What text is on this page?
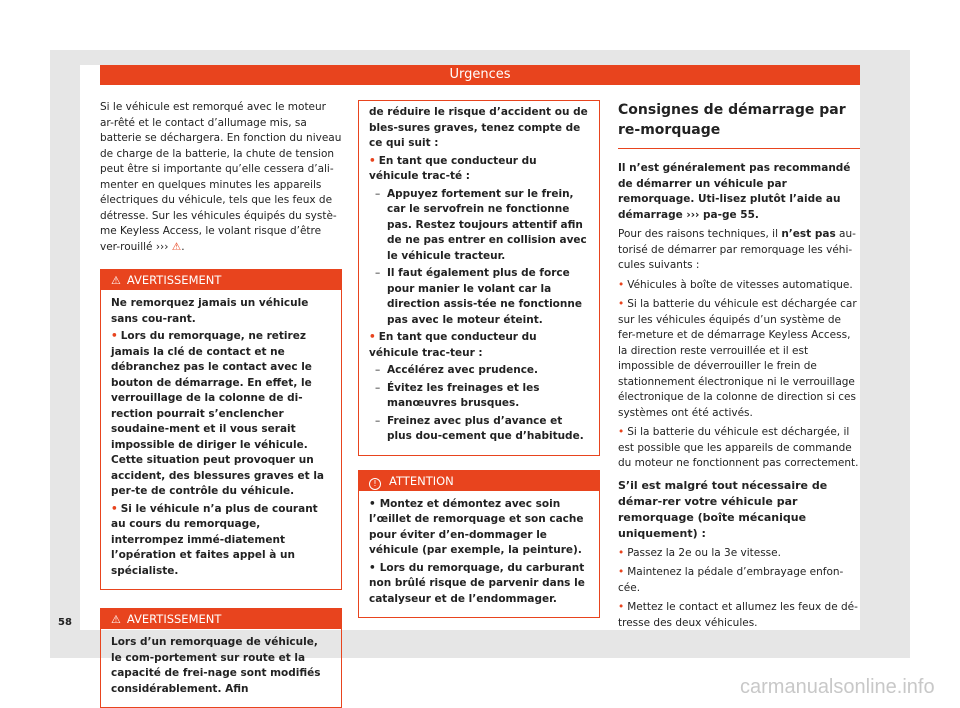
Urgences

Si le véhicule est remorqué avec le moteur ar-rêté et le contact d’allumage mis, sa batterie se déchargera. En fonction du niveau de charge de la batterie, la chute de tension peut être si importante qu’elle cessera d’ali-menter en quelques minutes les appareils électriques du véhicule, tels que les feux de détresse. Sur les véhicules équipés du systè-me Keyless Access, le volant risque d’être ver-rouillé ››› ⚠.

⚠ AVERTISSEMENT

Ne remorquez jamais un véhicule sans cou-rant.

• Lors du remorquage, ne retirez jamais la clé de contact et ne débranchez pas le contact avec le bouton de démarrage. En effet, le verrouillage de la colonne de di-rection pourrait s’enclencher soudaine-ment et il vous serait impossible de diriger le véhicule. Cette situation peut provoquer un accident, des blessures graves et la per-te de contrôle du véhicule.

• Si le véhicule n’a plus de courant au cours du remorquage, interrompez immé-diatement l’opération et faites appel à un spécialiste.

⚠ AVERTISSEMENT

Lors d’un remorquage de véhicule, le com-portement sur route et la capacité de frei-nage sont modifiés considérablement. Afin

de réduire le risque d’accident ou de bles-sures graves, tenez compte de ce qui suit :

• En tant que conducteur du véhicule trac-té :

– Appuyez fortement sur le frein, car le servofrein ne fonctionne pas. Restez toujours attentif afin de ne pas entrer en collision avec le véhicule tracteur.

– Il faut également plus de force pour manier le volant car la direction assis-tée ne fonctionne pas avec le moteur éteint.

• En tant que conducteur du véhicule trac-teur :

– Accélérez avec prudence.

– Évitez les freinages et les manœuvres brusques.

– Freinez avec plus d’avance et plus dou-cement que d’habitude.

! ATTENTION

• Montez et démontez avec soin l’œillet de remorquage et son cache pour éviter d’en-dommager le véhicule (par exemple, la peinture).

• Lors du remorquage, du carburant non brûlé risque de parvenir dans le catalyseur et de l’endommager.

Consignes de démarrage par re-morquage

Il n’est généralement pas recommandé de démarrer un véhicule par remorquage. Uti-lisez plutôt l’aide au démarrage ››› pa-ge 55.

Pour des raisons techniques, il n’est pas au-torisé de démarrer par remorquage les véhi-cules suivants :

• Véhicules à boîte de vitesses automatique.

• Si la batterie du véhicule est déchargée car sur les véhicules équipés d’un système de fer-meture et de démarrage Keyless Access, la direction reste verrouillée et il est impossible de déverrouiller le frein de stationnement électronique ni le verrouillage électronique de la colonne de direction si ces systèmes ont été activés.

• Si la batterie du véhicule est déchargée, il est possible que les appareils de commande du moteur ne fonctionnent pas correctement.

S’il est malgré tout nécessaire de démar-rer votre véhicule par remorquage (boîte mécanique uniquement) :

• Passez la 2e ou la 3e vitesse.

• Maintenez la pédale d’embrayage enfon-cée.

• Mettez le contact et allumez les feux de dé-tresse des deux véhicules.

58
carmanualsonline.info
